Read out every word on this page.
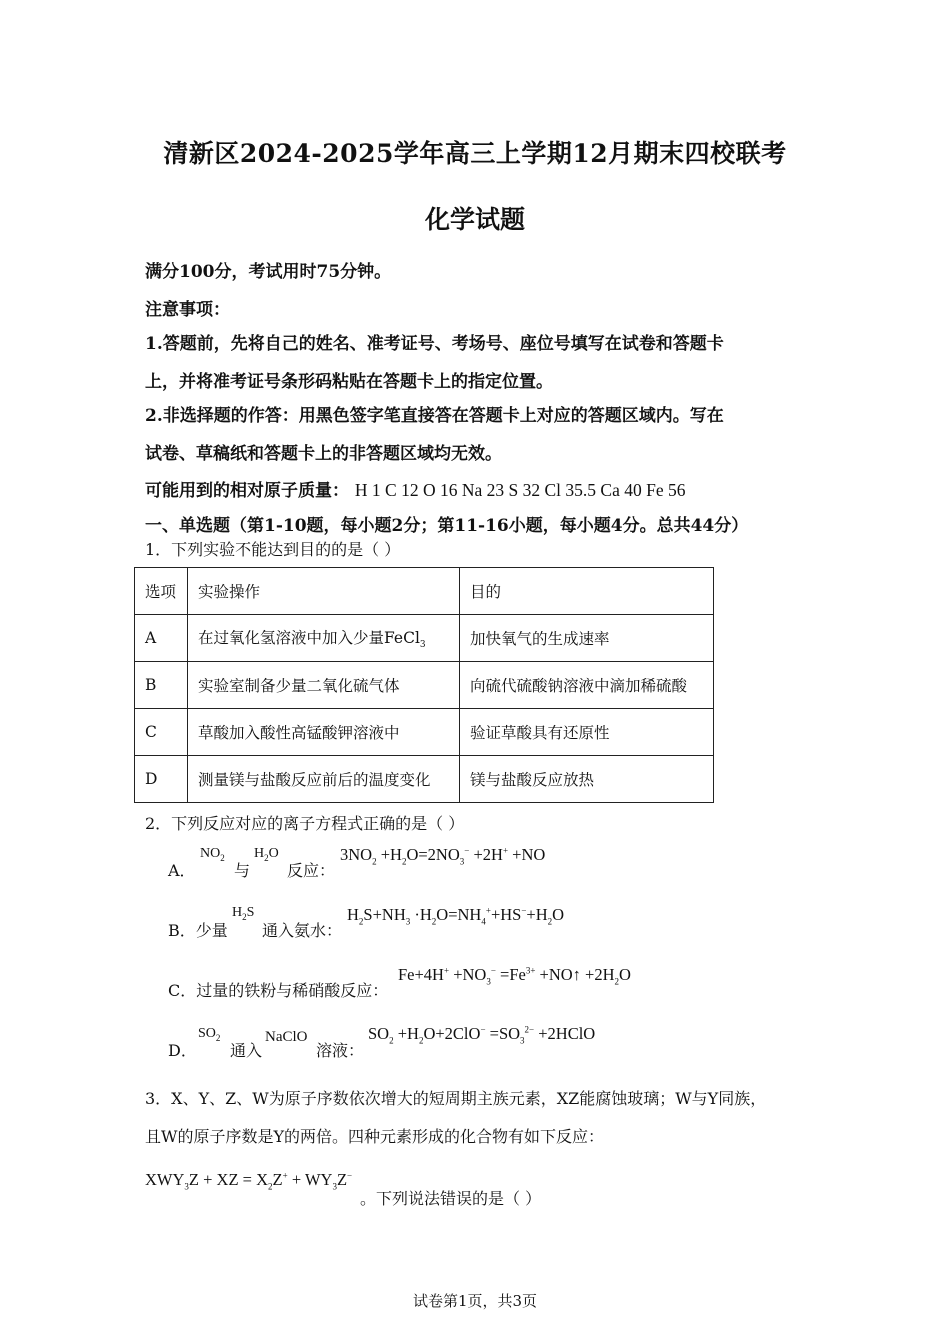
清新区2024-2025学年高三上学期12月期末四校联考
化学试题
满分100分，考试用时75分钟。
注意事项：
1.答题前，先将自己的姓名、准考证号、考场号、座位号填写在试卷和答题卡
上，并将准考证号条形码粘贴在答题卡上的指定位置。
2.非选择题的作答：用黑色签字笔直接答在答题卡上对应的答题区域内。写在
试卷、草稿纸和答题卡上的非答题区域均无效。
可能用到的相对原子质量： H 1 C 12 O 16 Na 23 S 32 Cl 35.5 Ca 40 Fe 56
一、单选题（第1-10题，每小题2分；第11-16小题，每小题4分。总共44分）
1．下列实验不能达到目的的是（ ）
选项	实验操作	目的
A	在过氧化氢溶液中加入少量FeCl$_3$	加快氧气的生成速率
B	实验室制备少量二氧化硫气体	向硫代硫酸钠溶液中滴加稀硫酸
C	草酸加入酸性高锰酸钾溶液中	验证草酸具有还原性
D	测量镁与盐酸反应前后的温度变化	镁与盐酸反应放热
2．下列反应对应的离子方程式正确的是（ ）
A．
$NO_2$
与
$H_2O$
反应：
$3NO_2 +H_2O=2NO_3^- +2H^+ +NO$
B．少量
$H_2S$
通入氨水：
$H_2S+NH_3 \cdot H_2O=NH_4^++HS^-+H_2O$
C．过量的铁粉与稀硝酸反应：
$Fe+4H^+ +NO_3^- =Fe^{3+}$ +NO↑ $+2H_2O$
D．
$SO_2$
通入
NaClO
溶液：
$SO_2 +H_2O+2ClO^- =SO_3^{2-}$ +2HClO
3．X、Y、Z、W为原子序数依次增大的短周期主族元素，XZ能腐蚀玻璃；W与Y同族，
且W的原子序数是Y的两倍。四种元素形成的化合物有如下反应：
$XWY_3Z$ + XZ = $X_2Z^+ + WY_3Z^-$
。下列说法错误的是（ ）
试卷第1页，共3页
